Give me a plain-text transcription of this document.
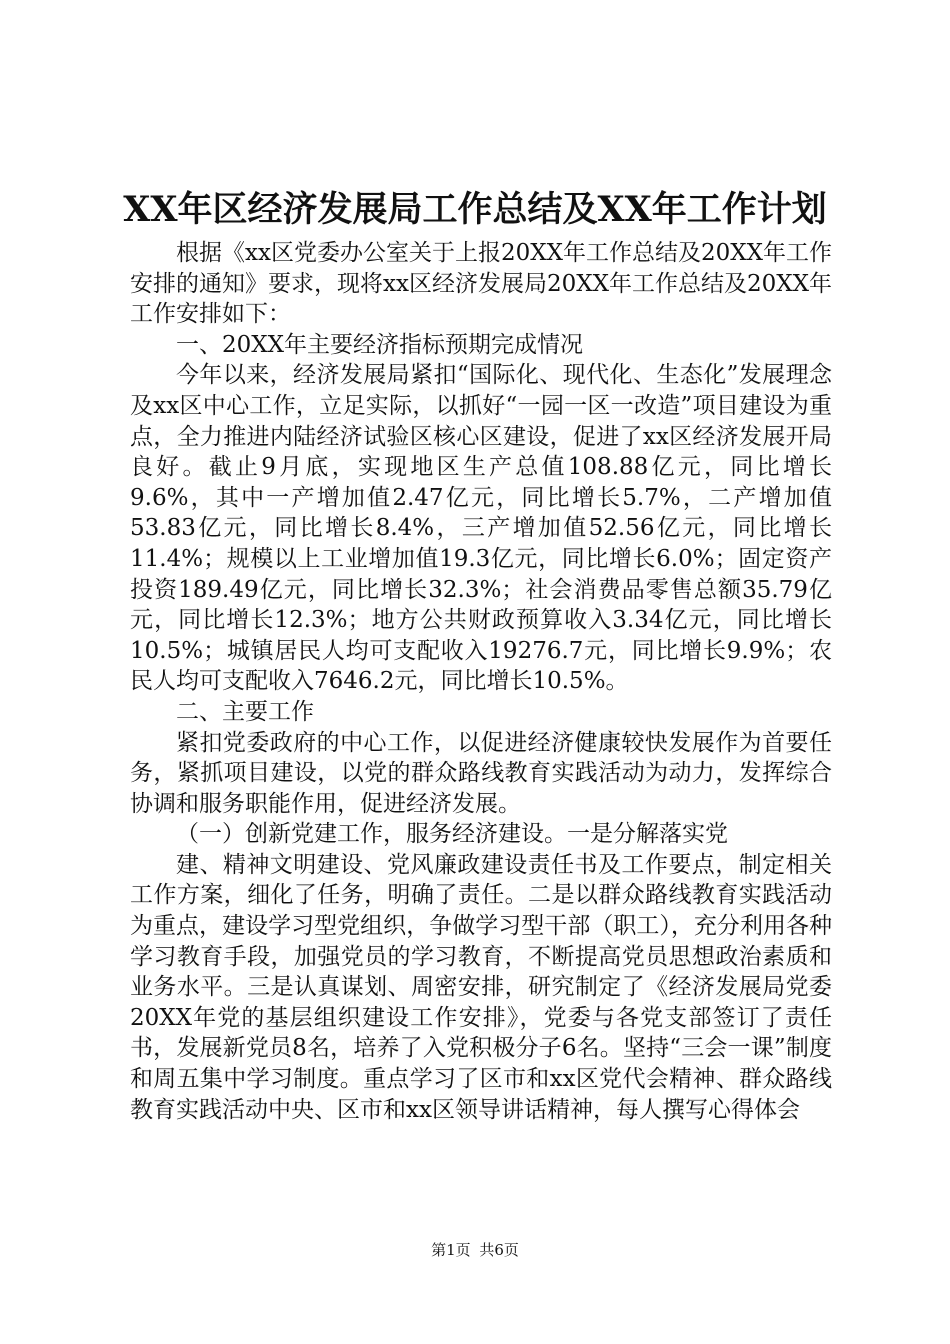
XX年区经济发展局工作总结及XX年工作计划

根据《xx区党委办公室关于上报20XX年工作总结及20XX年工作安排的通知》要求，现将xx区经济发展局20XX年工作总结及20XX年工作安排如下：

一、20XX年主要经济指标预期完成情况

今年以来，经济发展局紧扣“国际化、现代化、生态化”发展理念及xx区中心工作，立足实际，以抓好“一园一区一改造”项目建设为重点，全力推进内陆经济试验区核心区建设，促进了xx区经济发展开局良好。截止9月底，实现地区生产总值108.88亿元，同比增长9.6%，其中一产增加值2.47亿元，同比增长5.7%，二产增加值53.83亿元，同比增长8.4%，三产增加值52.56亿元，同比增长11.4%；规模以上工业增加值19.3亿元，同比增长6.0%；固定资产投资189.49亿元，同比增长32.3%；社会消费品零售总额35.79亿元，同比增长12.3%；地方公共财政预算收入3.34亿元，同比增长10.5%；城镇居民人均可支配收入19276.7元，同比增长9.9%；农民人均可支配收入7646.2元，同比增长10.5%。

二、主要工作

紧扣党委政府的中心工作，以促进经济健康较快发展作为首要任务，紧抓项目建设，以党的群众路线教育实践活动为动力，发挥综合协调和服务职能作用，促进经济发展。

（一）创新党建工作，服务经济建设。一是分解落实党

建、精神文明建设、党风廉政建设责任书及工作要点，制定相关工作方案，细化了任务，明确了责任。二是以群众路线教育实践活动为重点，建设学习型党组织，争做学习型干部（职工），充分利用各种学习教育手段，加强党员的学习教育，不断提高党员思想政治素质和业务水平。三是认真谋划、周密安排，研究制定了《经济发展局党委20XX年党的基层组织建设工作安排》，党委与各党支部签订了责任书，发展新党员8名，培养了入党积极分子6名。坚持“三会一课”制度和周五集中学习制度。重点学习了区市和xx区党代会精神、群众路线教育实践活动中央、区市和xx区领导讲话精神，每人撰写心得体会

第1页 共6页
